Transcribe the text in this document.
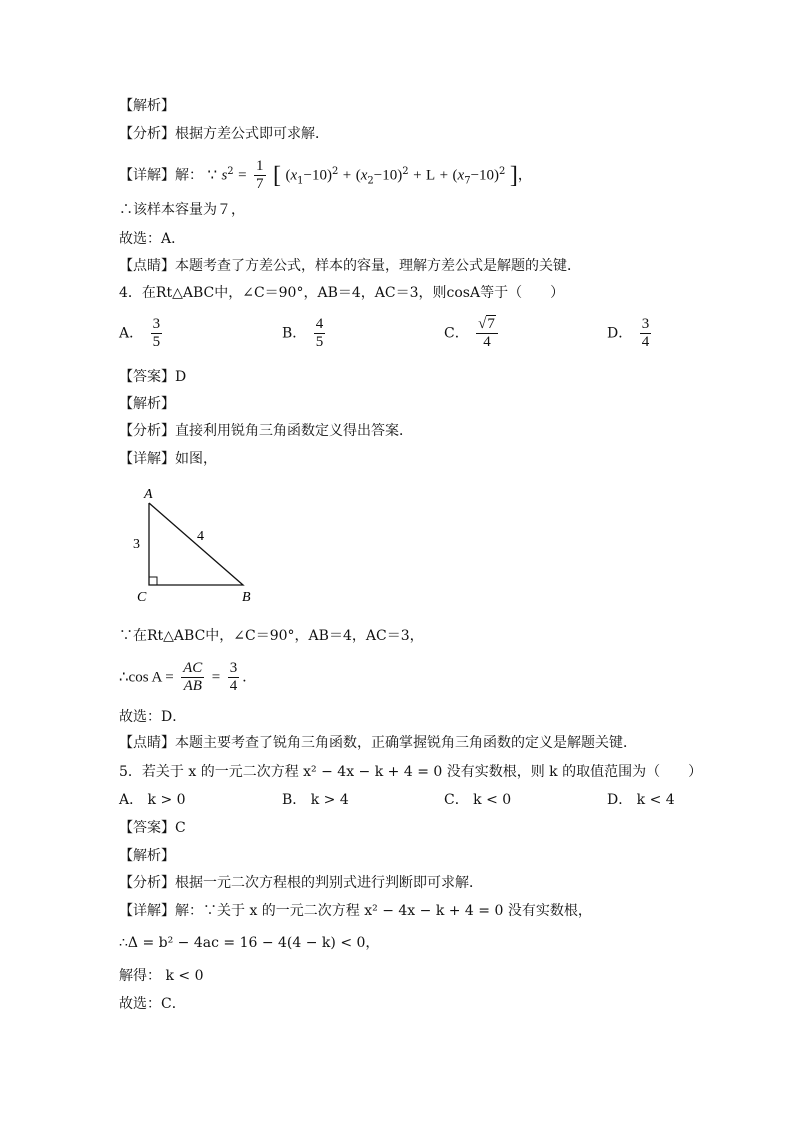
【解析】
【分析】根据方差公式即可求解．
【详解】解： ∵ $s^2 = \frac{1}{7}$ [ $(x_1-10)^2 + (x_2-10)^2 + L + (x_7-10)^2$ ]，
∴该样本容量为７，
故选：A．
【点睛】本题考查了方差公式，样本的容量，理解方差公式是解题的关键．
4．在Rt△ABC中，∠C＝90°，AB＝4，AC＝3，则cosA等于（　　）
A． $\frac{3}{5}$	B． $\frac{4}{5}$	C． $\frac{√7}{4}$	D． $\frac{3}{4}$
【答案】D
【解析】
【分析】直接利用锐角三角函数定义得出答案．
【详解】如图，
A
C	B
3
4
∵在Rt△ABC中，∠C＝90°，AB＝4，AC＝3，
∴cos $A = \frac{AC}{AB} = \frac{3}{4}$ ．
故选：D．
【点睛】本题主要考查了锐角三角函数，正确掌握锐角三角函数的定义是解题关键．
5．若关于 x 的一元二次方程 x² − 4x − k + 4 = 0 没有实数根，则 k 的取值范围为（　　）
A． k > 0	B． k > 4	C． k < 0	D． k < 4
【答案】C
【解析】
【分析】根据一元二次方程根的判别式进行判断即可求解．
【详解】解：∵关于 x 的一元二次方程 x² − 4x − k + 4 = 0 没有实数根，
∴Δ = b² − 4ac = 16 − 4(4 − k) < 0，
解得： k < 0
故选：C．
